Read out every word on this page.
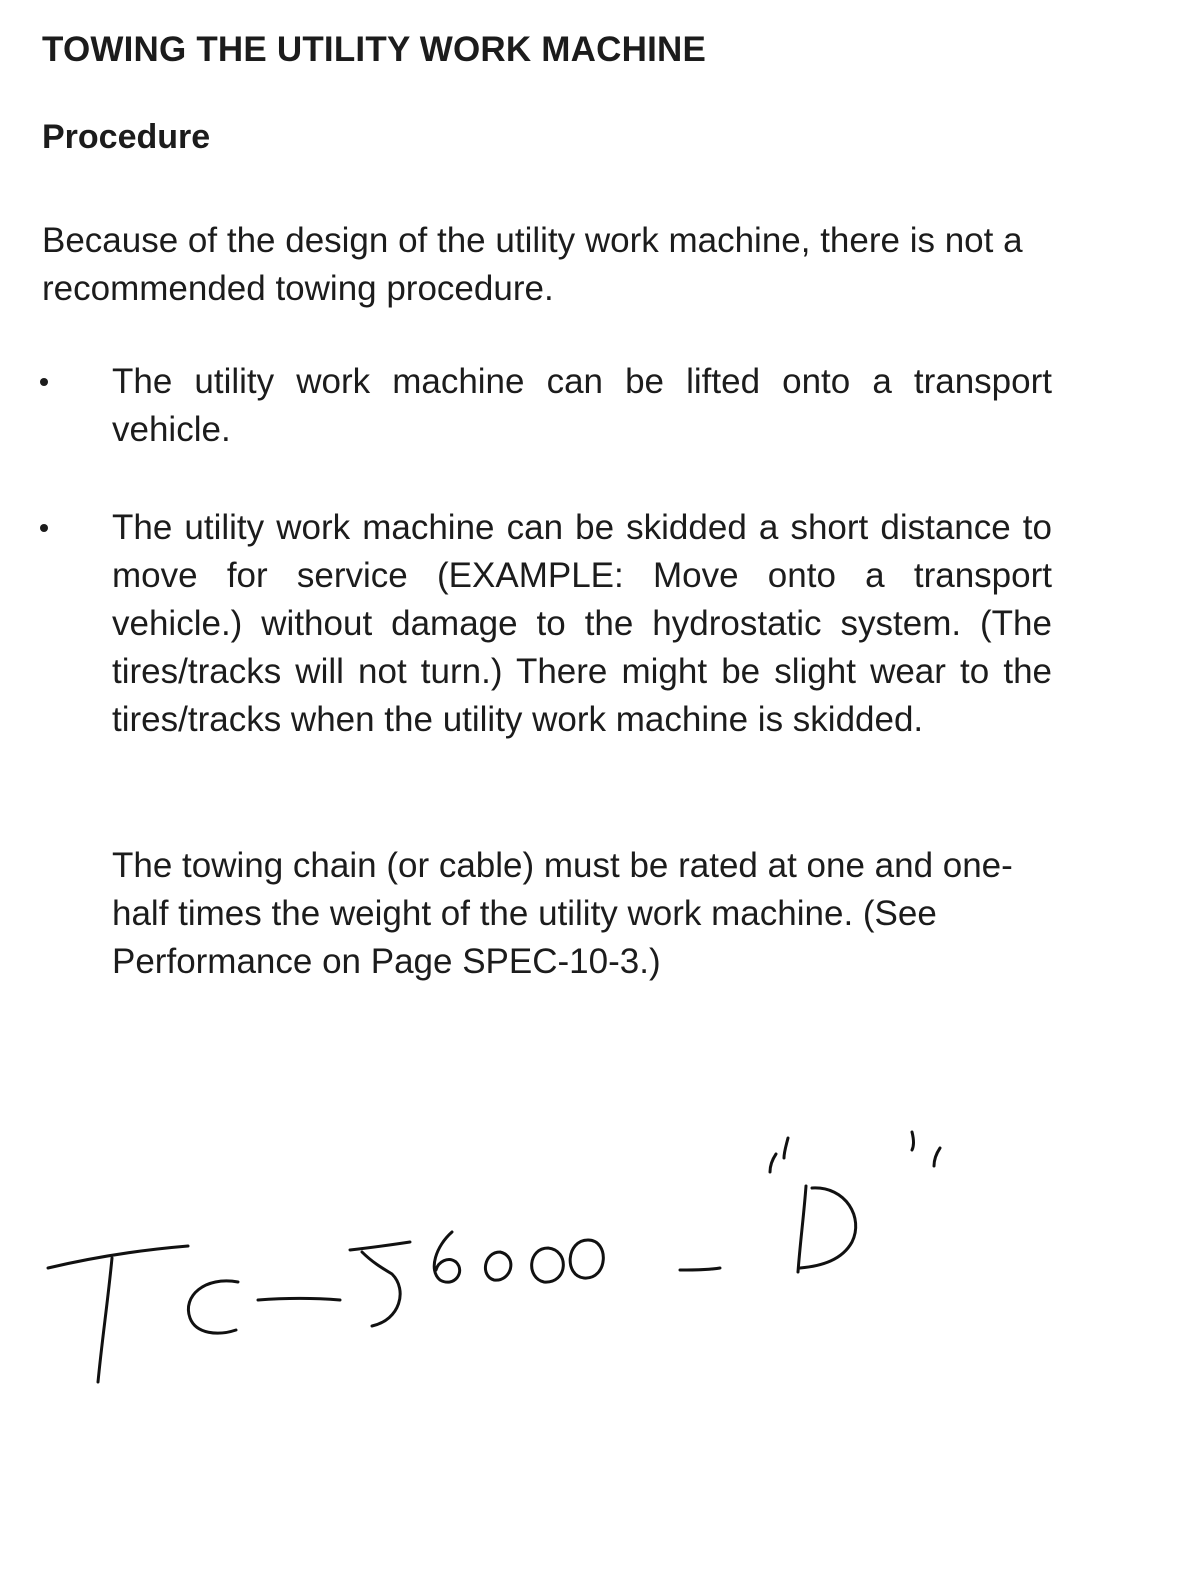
TOWING THE UTILITY WORK MACHINE
Procedure

Because of the design of the utility work machine, there is not a recommended towing procedure.

The utility work machine can be lifted onto a transport vehicle.

The utility work machine can be skidded a short distance to move for service (EXAMPLE: Move onto a transport vehicle.) without damage to the hydrostatic system. (The tires/tracks will not turn.) There might be slight wear to the tires/tracks when the utility work machine is skidded.

The towing chain (or cable) must be rated at one and one-half times the weight of the utility work machine. (See Performance on Page SPEC-10-3.)
